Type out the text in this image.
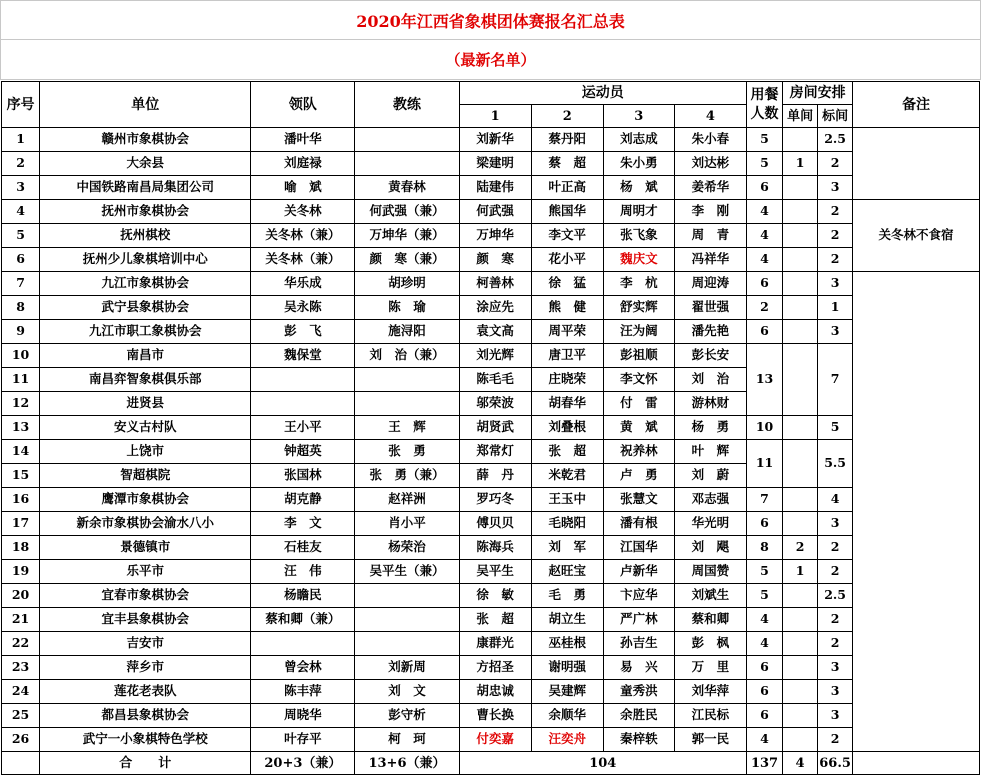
2020年江西省象棋团体赛报名汇总表
（最新名单）
序号	单位	领队	教练	运动员				用餐
人数	房间安排		备注
				1	2	3	4		单间	标间	
1	赣州市象棋协会	潘叶华		刘新华	蔡丹阳	刘志成	朱小春	5		2.5	
2	大余县	刘庭禄		梁建明	蔡　超	朱小勇	刘达彬	5	1	2	
3	中国铁路南昌局集团公司	喻　斌	黄春林	陆建伟	叶正高	杨　斌	姜希华	6		3	
4	抚州市象棋协会	关冬林	何武强（兼）	何武强	熊国华	周明才	李　刚	4		2	关冬林不食宿
5	抚州棋校	关冬林（兼）	万坤华（兼）	万坤华	李文平	张飞象	周　青	4		2	
6	抚州少儿象棋培训中心	关冬林（兼）	颜　寒（兼）	颜　寒	花小平	魏庆文	冯祥华	4		2	
7	九江市象棋协会	华乐成	胡珍明	柯善林	徐　猛	李　杭	周迎涛	6		3	
8	武宁县象棋协会	吴永陈	陈　瑜	涂应先	熊　健	舒实辉	翟世强	2		1	
9	九江市职工象棋协会	彭　飞	施浔阳	袁文高	周平荣	汪为阔	潘先艳	6		3	
10	南昌市	魏保堂	刘　治（兼）	刘光辉	唐卫平	彭祖顺	彭长安	13		7	
11	南昌弈智象棋俱乐部			陈毛毛	庄晓荣	李文怀	刘　治				
12	进贤县			邬荣波	胡春华	付　雷	游林财				
13	安义古村队	王小平	王　辉	胡贤武	刘叠根	黄　斌	杨　勇	10		5	
14	上饶市	钟超英	张　勇	郑常灯	张　超	祝养林	叶　辉	11		5.5	
15	智超棋院	张国林	张　勇（兼）	薛　丹	米乾君	卢　勇	刘　蔚				
16	鹰潭市象棋协会	胡克静	赵祥洲	罗巧冬	王玉中	张慧文	邓志强	7		4	
17	新余市象棋协会渝水八小	李　文	肖小平	傅贝贝	毛晓阳	潘有根	华光明	6		3	
18	景德镇市	石桂友	杨荣治	陈海兵	刘　军	江国华	刘　飓	8	2	2	
19	乐平市	汪　伟	吴平生（兼）	吴平生	赵旺宝	卢新华	周国赞	5	1	2	
20	宜春市象棋协会	杨瞻民		徐　敏	毛　勇	卞应华	刘斌生	5		2.5	
21	宜丰县象棋协会	蔡和卿（兼）		张　超	胡立生	严广林	蔡和卿	4		2	
22	吉安市			康群光	巫桂根	孙吉生	彭　枫	4		2	
23	萍乡市	曾会林	刘新周	方招圣	谢明强	易　兴	万　里	6		3	
24	莲花老表队	陈丰萍	刘　文	胡忠诚	吴建辉	童秀洪	刘华萍	6		3	
25	都昌县象棋协会	周晓华	彭守析	曹长换	余顺华	余胜民	江民标	6		3	
26	武宁一小象棋特色学校	叶存平	柯　珂	付奕嘉	汪奕舟	秦梓轶	郭一民	4		2	
	合　　计	20+3（兼）	13+6（兼）	104				137	4	66.5	
